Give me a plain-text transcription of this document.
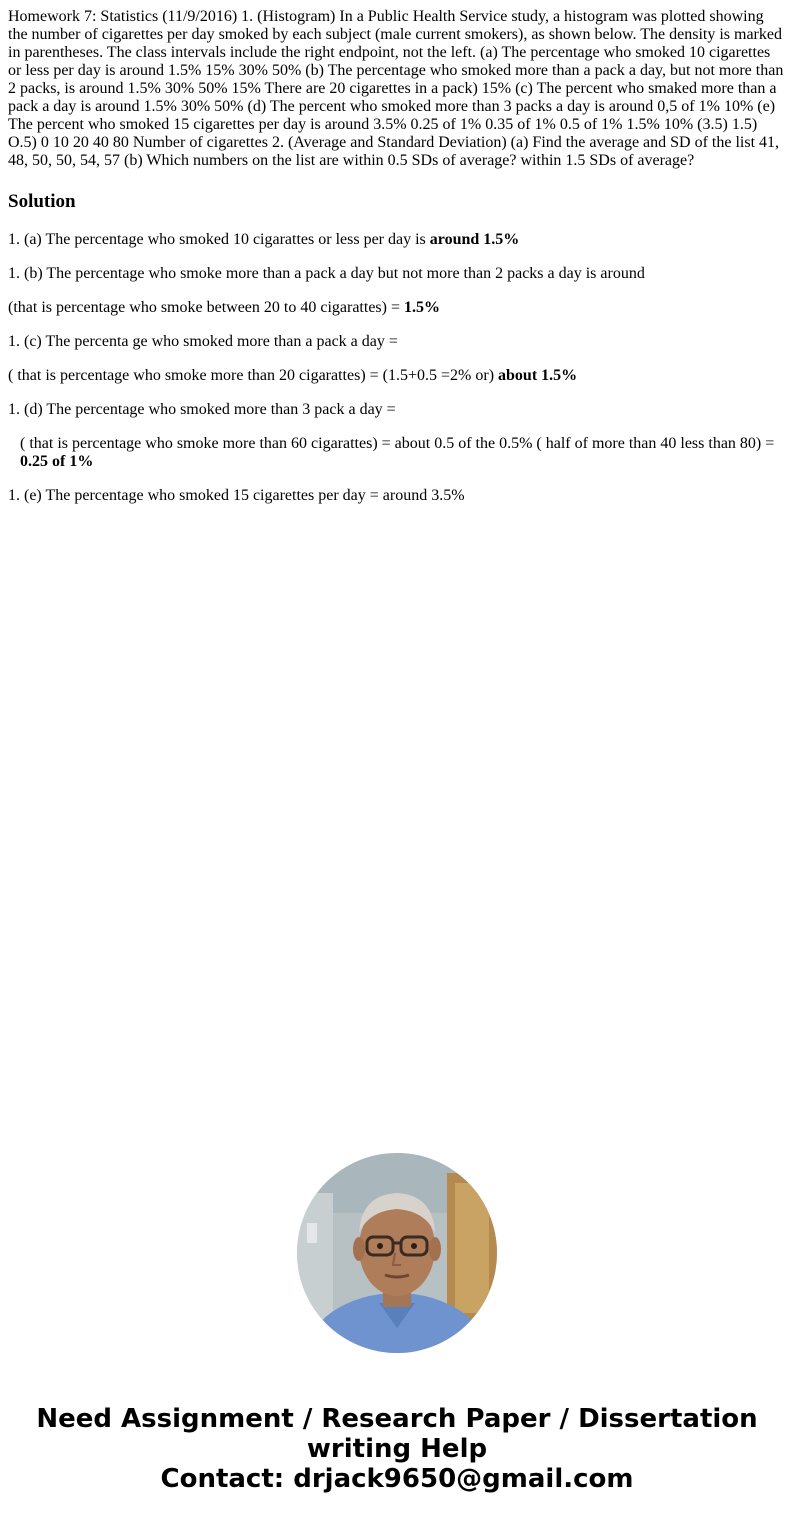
Homework 7: Statistics (11/9/2016) 1. (Histogram) In a Public Health Service study, a histogram was plotted showing the number of cigarettes per day smoked by each subject (male current smokers), as shown below. The density is marked in parentheses. The class intervals include the right endpoint, not the left. (a) The percentage who smoked 10 cigarettes or less per day is around 1.5% 15% 30% 50% (b) The percentage who smoked more than a pack a day, but not more than 2 packs, is around 1.5% 30% 50% 15% There are 20 cigarettes in a pack) 15% (c) The percent who smaked more than a pack a day is around 1.5% 30% 50% (d) The percent who smoked more than 3 packs a day is around 0,5 of 1% 10% (e) The percent who smoked 15 cigarettes per day is around 3.5% 0.25 of 1% 0.35 of 1% 0.5 of 1% 1.5% 10% (3.5) 1.5) O.5) 0 10 20 40 80 Number of cigarettes 2. (Average and Standard Deviation) (a) Find the average and SD of the list 41, 48, 50, 50, 54, 57 (b) Which numbers on the list are within 0.5 SDs of average? within 1.5 SDs of average?

Solution

1. (a) The percentage who smoked 10 cigarattes or less per day is around 1.5%

1. (b) The percentage who smoke more than a pack a day but not more than 2 packs a day is around

(that is percentage who smoke between 20 to 40 cigarattes) = 1.5%

1. (c) The percenta ge who smoked more than a pack a day =

( that is percentage who smoke more than 20 cigarattes) = (1.5+0.5 =2% or) about 1.5%

1. (d) The percentage who smoked more than 3 pack a day =

( that is percentage who smoke more than 60 cigarattes) = about 0.5 of the 0.5% ( half of more than 40 less than 80) = 0.25 of 1%

1. (e) The percentage who smoked 15 cigarettes per day = around 3.5%

Need Assignment / Research Paper / Dissertation
writing Help
Contact: drjack9650@gmail.com
